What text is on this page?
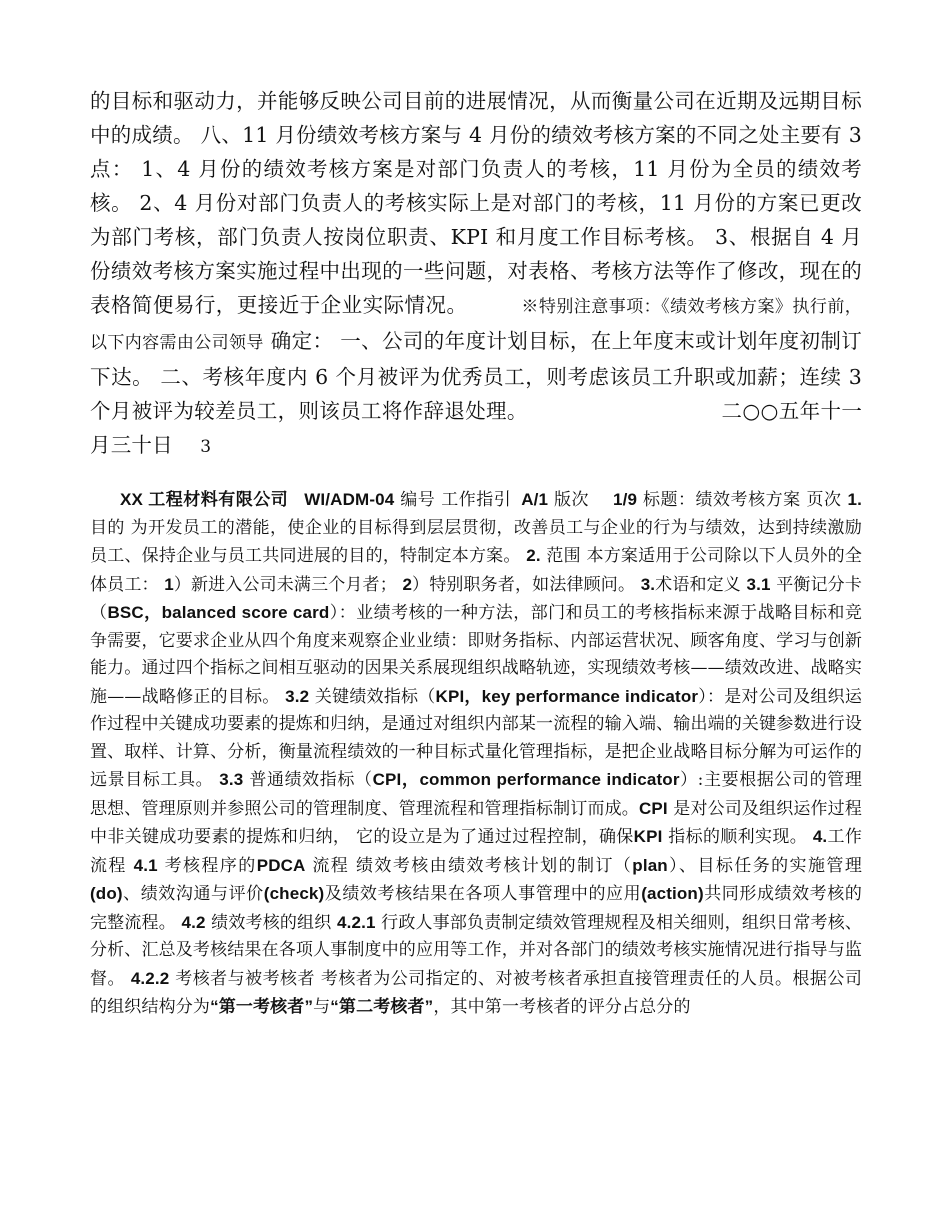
的目标和驱动力，并能够反映公司目前的进展情况，从而衡量公司在近期及远期目标中的成绩。 八、11 月份绩效考核方案与 4 月份的绩效考核方案的不同之处主要有 3 点： 1、4 月份的绩效考核方案是对部门负责人的考核，11 月份为全员的绩效考核。 2、4 月份对部门负责人的考核实际上是对部门的考核，11 月份的方案已更改为部门考核，部门负责人按岗位职责、KPI 和月度工作目标考核。 3、根据自 4 月份绩效考核方案实施过程中出现的一些问题，对表格、考核方法等作了修改，现在的表格简便易行，更接近于企业实际情况。	※特别注意事项：《绩效考核方案》执行前，以下内容需由公司领导 确定： 一、公司的年度计划目标，在上年度末或计划年度初制订下达。 二、考核年度内 6 个月被评为优秀员工，则考虑该员工升职或加薪；连续 3 个月被评为较差员工，则该员工将作辞退处理。	二○○五年十一月三十日 3
XX 工程材料有限公司 WI/ADM-04 编号 工作指引 A/1 版次 1/9 标题：绩效考核方案 页次 1.目的 为开发员工的潜能，使企业的目标得到层层贯彻，改善员工与企业的行为与绩效，达到持续激励员工、保持企业与员工共同进展的目的，特制定本方案。 2. 范围 本方案适用于公司除以下人员外的全体员工： 1）新进入公司未满三个月者； 2）特别职务者，如法律顾问。 3.术语和定义 3.1 平衡记分卡（BSC，balanced score card）：业绩考核的一种方法，部门和员工的考核指标来源于战略目标和竞争需要，它要求企业从四个角度来观察企业业绩：即财务指标、内部运营状况、顾客角度、学习与创新能力。通过四个指标之间相互驱动的因果关系展现组织战略轨迹，实现绩效考核——绩效改进、战略实施——战略修正的目标。 3.2 关键绩效指标（KPI，key performance indicator）：是对公司及组织运作过程中关键成功要素的提炼和归纳，是通过对组织内部某一流程的输入端、输出端的关键参数进行设置、取样、计算、分析，衡量流程绩效的一种目标式量化管理指标，是把企业战略目标分解为可运作的远景目标工具。 3.3 普通绩效指标（CPI，common performance indicator）:主要根据公司的管理思想、管理原则并参照公司的管理制度、管理流程和管理指标制订而成。CPI 是对公司及组织运作过程中非关键成功要素的提炼和归纳， 它的设立是为了通过过程控制，确保KPI 指标的顺利实现。 4.工作流程 4.1 考核程序的PDCA 流程 绩效考核由绩效考核计划的制订（plan）、目标任务的实施管理(do)、绩效沟通与评价(check)及绩效考核结果在各项人事管理中的应用(action)共同形成绩效考核的完整流程。 4.2 绩效考核的组织 4.2.1 行政人事部负责制定绩效管理规程及相关细则，组织日常考核、分析、汇总及考核结果在各项人事制度中的应用等工作，并对各部门的绩效考核实施情况进行指导与监督。 4.2.2 考核者与被考核者 考核者为公司指定的、对被考核者承担直接管理责任的人员。根据公司的组织结构分为“第一考核者”与“第二考核者”，其中第一考核者的评分占总分的
